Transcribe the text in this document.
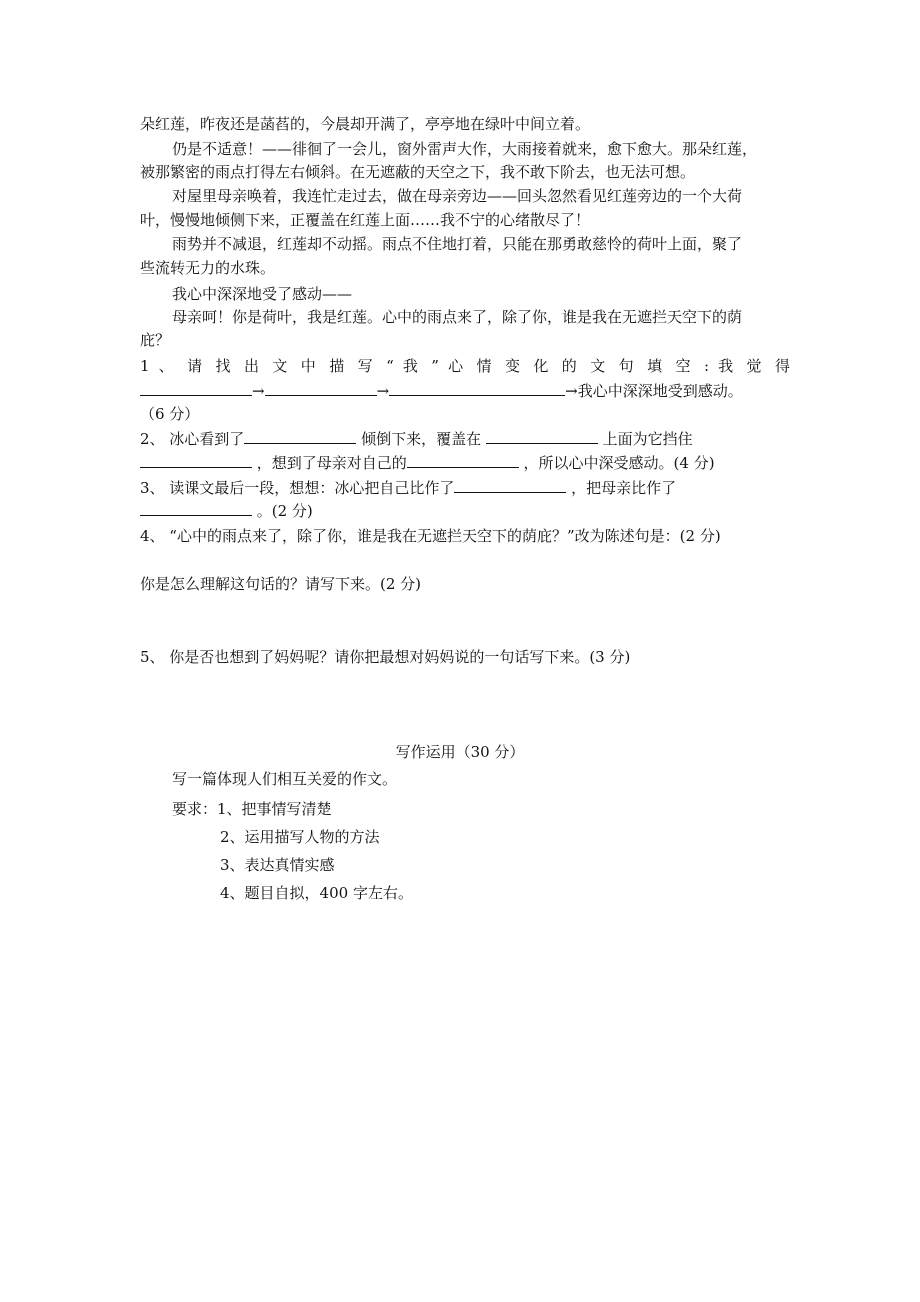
朵红莲，昨夜还是菡萏的，今晨却开满了，亭亭地在绿叶中间立着。
仍是不适意！——徘徊了一会儿，窗外雷声大作，大雨接着就来，愈下愈大。那朵红莲，
被那繁密的雨点打得左右倾斜。在无遮蔽的天空之下，我不敢下阶去，也无法可想。
对屋里母亲唤着，我连忙走过去，做在母亲旁边——回头忽然看见红莲旁边的一个大荷
叶，慢慢地倾侧下来，正覆盖在红莲上面……我不宁的心绪散尽了！
雨势并不减退，红莲却不动摇。雨点不住地打着，只能在那勇敢慈怜的荷叶上面，聚了
些流转无力的水珠。
我心中深深地受了感动——
母亲呵！你是荷叶，我是红莲。心中的雨点来了，除了你，谁是我在无遮拦天空下的荫
庇？
1 、 请 找 出 文 中 描 写 “ 我 ” 心 情 变 化 的 文 句 填 空 : 我 觉 得
→	→	→我心中深深地受到感动。
（6 分）
2、 冰心看到了	倾倒下来，覆盖在	上面为它挡住
，想到了母亲对自己的	，所以心中深受感动。(4 分)
3、 读课文最后一段，想想：冰心把自己比作了	，把母亲比作了
。(2 分)
4、 “心中的雨点来了，除了你，谁是我在无遮拦天空下的荫庇？”改为陈述句是：(2 分)
你是怎么理解这句话的？请写下来。(2 分)
5、 你是否也想到了妈妈呢？请你把最想对妈妈说的一句话写下来。(3 分)
写作运用（30 分）
写一篇体现人们相互关爱的作文。
要求：1、把事情写清楚
2、运用描写人物的方法
3、表达真情实感
4、题目自拟，400 字左右。
